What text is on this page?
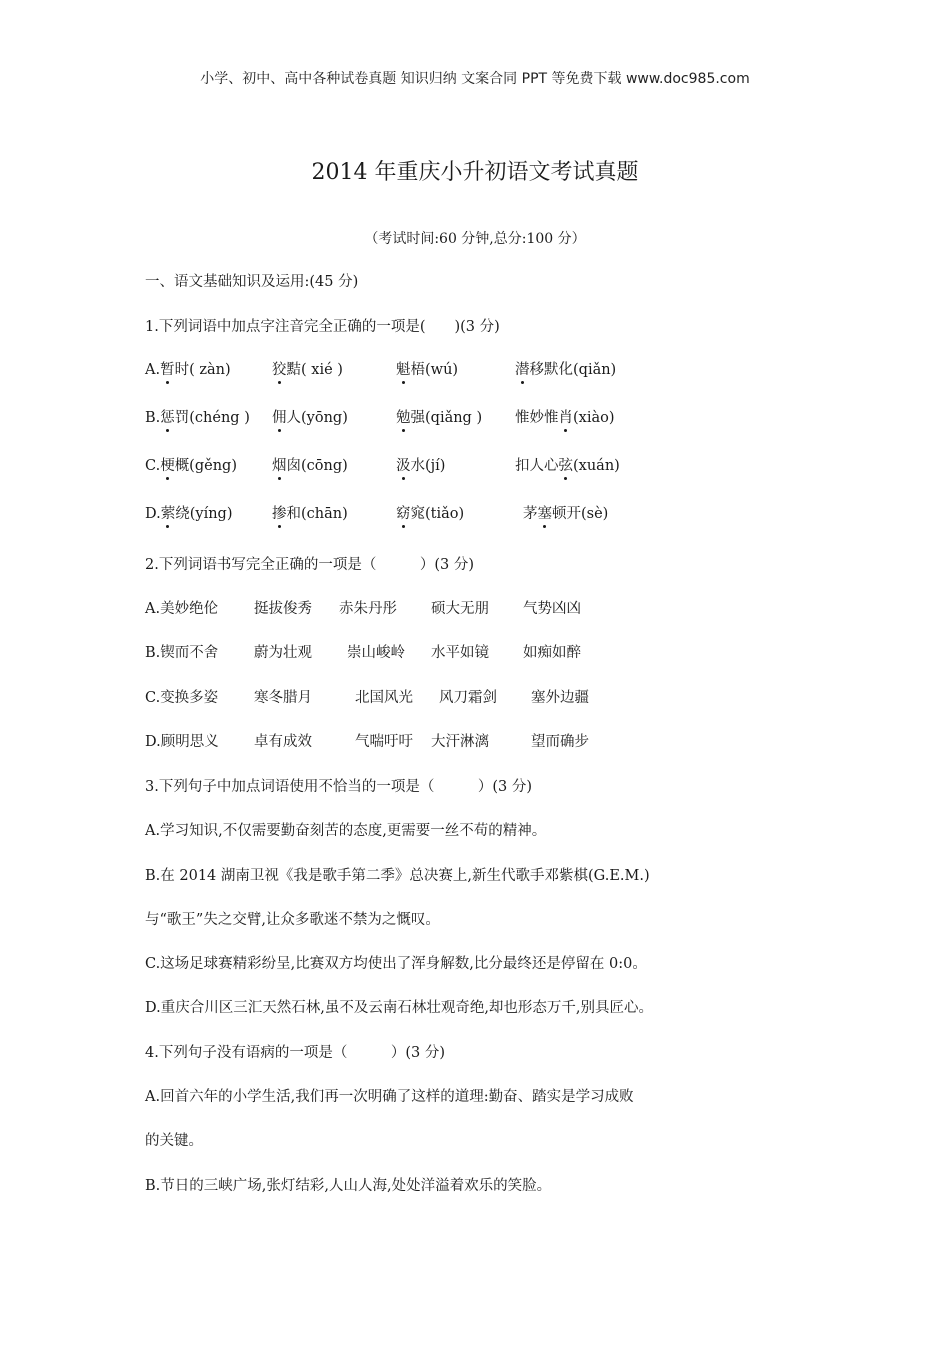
小学、初中、高中各种试卷真题 知识归纳 文案合同 PPT 等免费下载 www.doc985.com
2014 年重庆小升初语文考试真题
（考试时间:60 分钟,总分:100 分）
一、语文基础知识及运用:(45 分)
1.下列词语中加点字注音完全正确的一项是(　　)(3 分)
A.暂时( zàn)	狡黠( xié )	魁梧(wú)	潜移默化(qiǎn)
B.惩罚(chéng ) 佣人(yōng)	勉强(qiǎng ) 惟妙惟肖(xiào)
C.梗概(gěng) 烟囱(cōng)	汲水(jí)	扣人心弦(xuán)
D.萦绕(yíng)	掺和(chān)	窈窕(tiǎo)	茅塞顿开(sè)
2.下列词语书写完全正确的一项是（　　　）(3 分)
A.美妙绝伦 挺拔俊秀 赤朱丹彤 硕大无朋 气势凶凶
B.锲而不舍 蔚为壮观 崇山峻岭 水平如镜 如痴如醉
C.变换多姿 寒冬腊月	北国风光 风刀霜剑 塞外边疆
D.顾明思义 卓有成效	气喘吁吁 大汗淋漓	望而确步
3.下列句子中加点词语使用不恰当的一项是（　　　）(3 分)
A.学习知识,不仅需要勤奋刻苦的态度,更需要一丝不苟的精神。
B.在 2014 湖南卫视《我是歌手第二季》总决赛上,新生代歌手邓紫棋(G.E.M.)
与“歌王”失之交臂,让众多歌迷不禁为之慨叹。
C.这场足球赛精彩纷呈,比赛双方均使出了浑身解数,比分最终还是停留在 0:0。
D.重庆合川区三汇天然石林,虽不及云南石林壮观奇绝,却也形态万千,别具匠心。
4.下列句子没有语病的一项是（　　　）(3 分)
A.回首六年的小学生活,我们再一次明确了这样的道理:勤奋、踏实是学习成败
的关键。
B.节日的三峡广场,张灯结彩,人山人海,处处洋溢着欢乐的笑脸。
